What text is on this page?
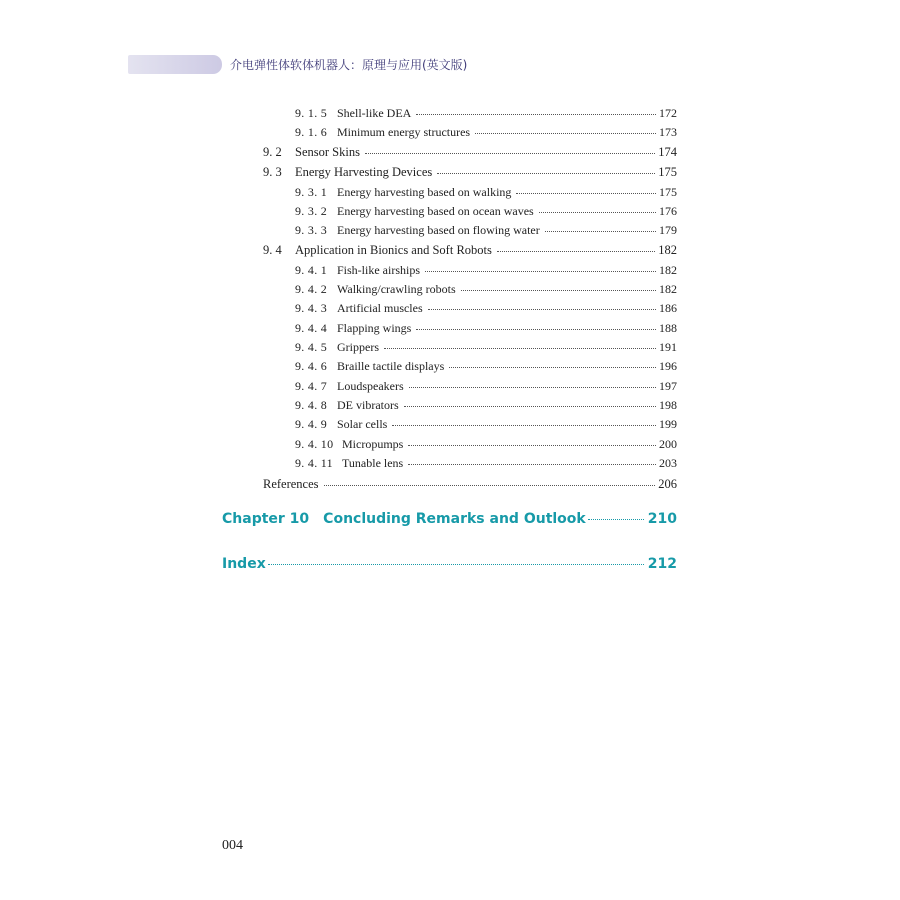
介电弹性体软体机器人：原理与应用(英文版)
9. 1. 5 Shell-like DEA	172
9. 1. 6 Minimum energy structures	173
9. 2	Sensor Skins	174
9. 3	Energy Harvesting Devices	175
9. 3. 1 Energy harvesting based on walking	175
9. 3. 2 Energy harvesting based on ocean waves	176
9. 3. 3 Energy harvesting based on flowing water	179
9. 4	Application in Bionics and Soft Robots	182
9. 4. 1 Fish-like airships	182
9. 4. 2 Walking/crawling robots	182
9. 4. 3 Artificial muscles	186
9. 4. 4 Flapping wings	188
9. 4. 5 Grippers	191
9. 4. 6 Braille tactile displays	196
9. 4. 7 Loudspeakers	197
9. 4. 8 DE vibrators	198
9. 4. 9 Solar cells	199
9. 4. 10 Micropumps	200
9. 4. 11 Tunable lens	203
References	206
Chapter 10 Concluding Remarks and Outlook	210
Index	212
004
